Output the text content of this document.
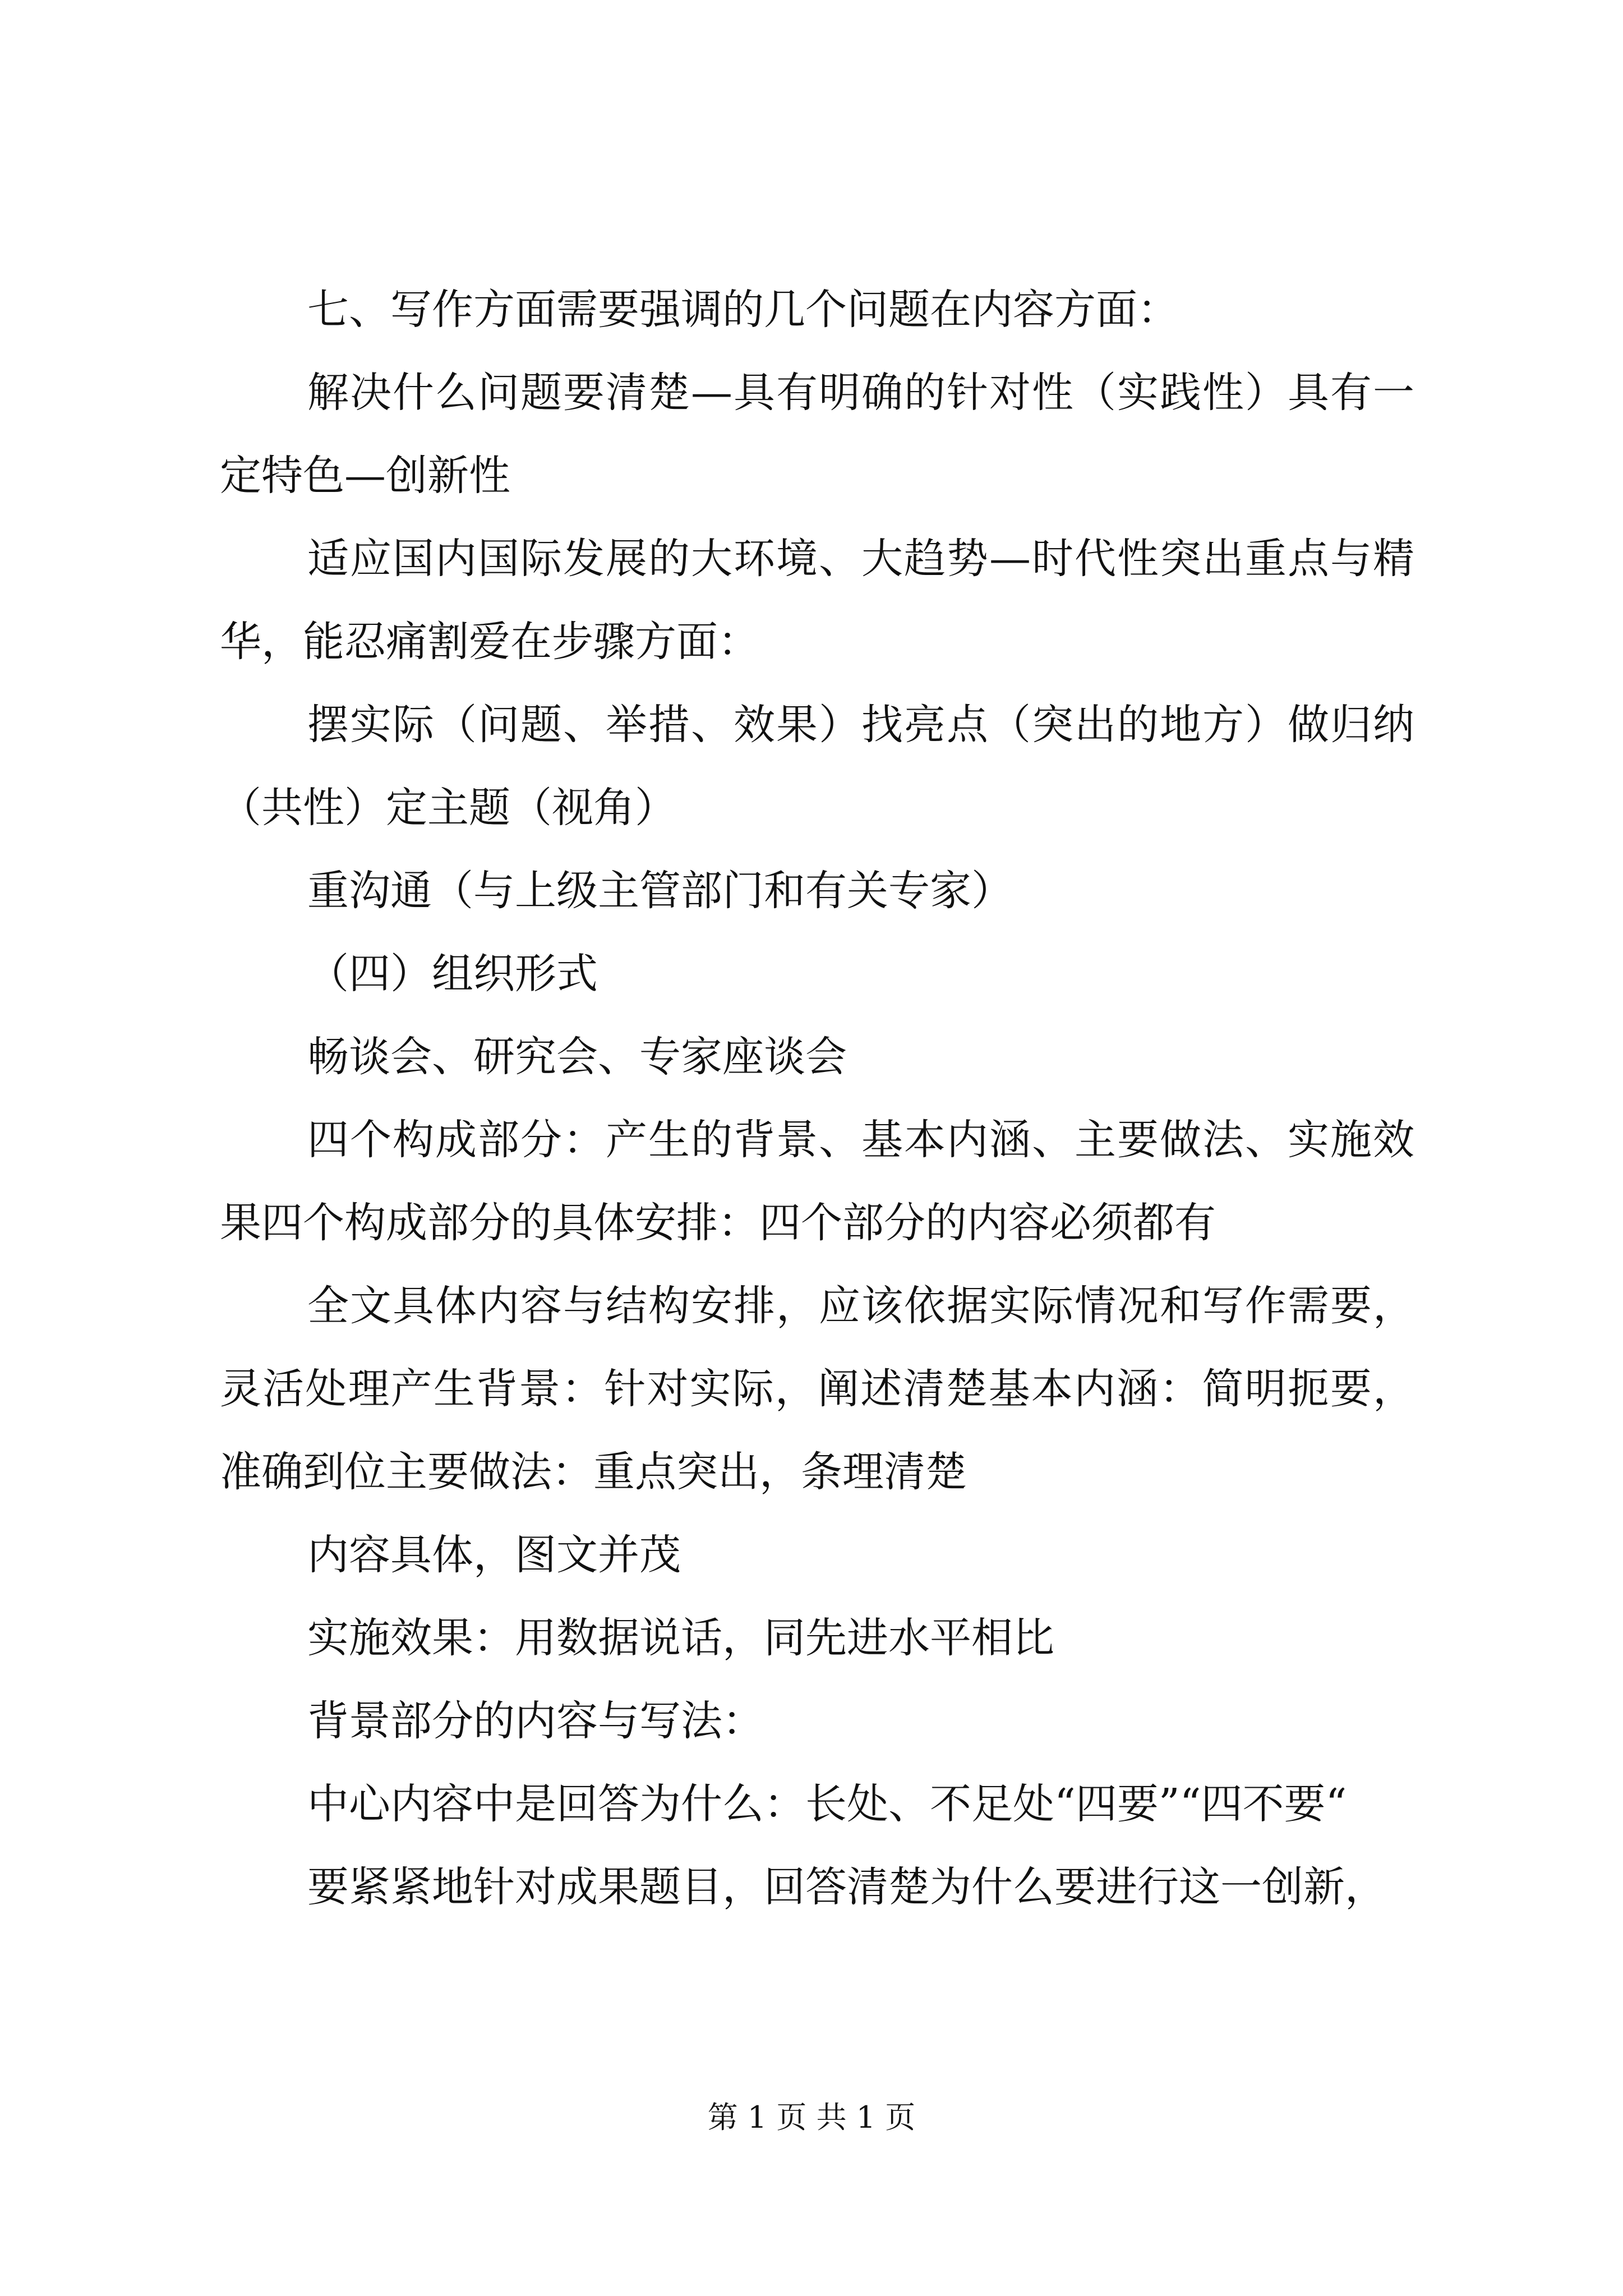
七、写作方面需要强调的几个问题在内容方面：

解决什么问题要清楚—具有明确的针对性（实践性）具有一定特色—创新性

适应国内国际发展的大环境、大趋势—时代性突出重点与精华，能忍痛割爱在步骤方面：

摆实际（问题、举措、效果）找亮点（突出的地方）做归纳（共性）定主题（视角）

重沟通（与上级主管部门和有关专家）

（四）组织形式

畅谈会、研究会、专家座谈会

四个构成部分：产生的背景、基本内涵、主要做法、实施效果四个构成部分的具体安排：四个部分的内容必须都有

全文具体内容与结构安排，应该依据实际情况和写作需要，灵活处理产生背景：针对实际，阐述清楚基本内涵：简明扼要，准确到位主要做法：重点突出，条理清楚

内容具体，图文并茂

实施效果：用数据说话，同先进水平相比

背景部分的内容与写法：

中心内容中是回答为什么：长处、不足处“四要”“四不要“

要紧紧地针对成果题目，回答清楚为什么要进行这一创新，

第 1 页 共 1 页
